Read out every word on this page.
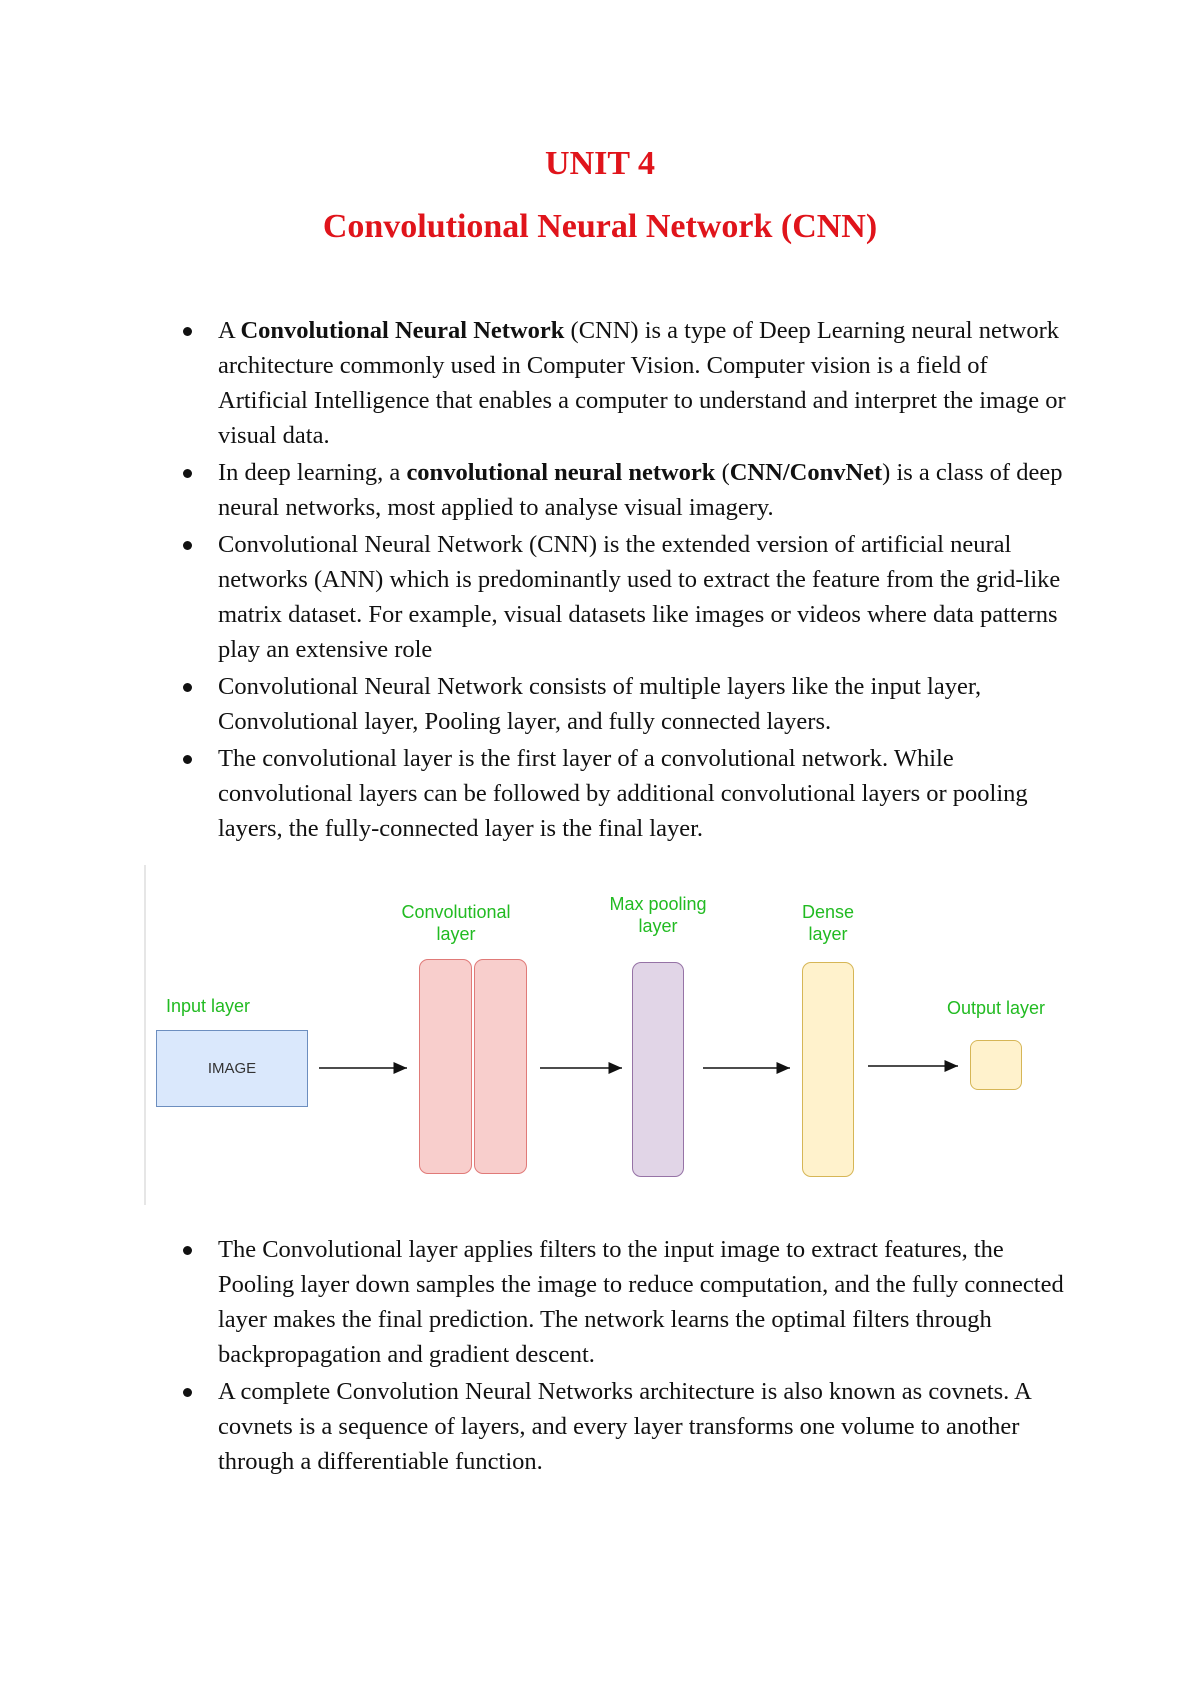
UNIT 4
Convolutional Neural Network (CNN)
A Convolutional Neural Network (CNN) is a type of Deep Learning neural network architecture commonly used in Computer Vision. Computer vision is a field of Artificial Intelligence that enables a computer to understand and interpret the image or visual data.
In deep learning, a convolutional neural network (CNN/ConvNet) is a class of deep neural networks, most applied to analyse visual imagery.
Convolutional Neural Network (CNN) is the extended version of artificial neural networks (ANN) which is predominantly used to extract the feature from the grid-like matrix dataset. For example, visual datasets like images or videos where data patterns play an extensive role
Convolutional Neural Network consists of multiple layers like the input layer, Convolutional layer, Pooling layer, and fully connected layers.
The convolutional layer is the first layer of a convolutional network. While convolutional layers can be followed by additional convolutional layers or pooling layers, the fully-connected layer is the final layer.
Input layer
IMAGE
Convolutional
layer
Max pooling
layer
Dense
layer
Output layer
The Convolutional layer applies filters to the input image to extract features, the Pooling layer down samples the image to reduce computation, and the fully connected layer makes the final prediction. The network learns the optimal filters through backpropagation and gradient descent.
A complete Convolution Neural Networks architecture is also known as covnets. A covnets is a sequence of layers, and every layer transforms one volume to another through a differentiable function.
